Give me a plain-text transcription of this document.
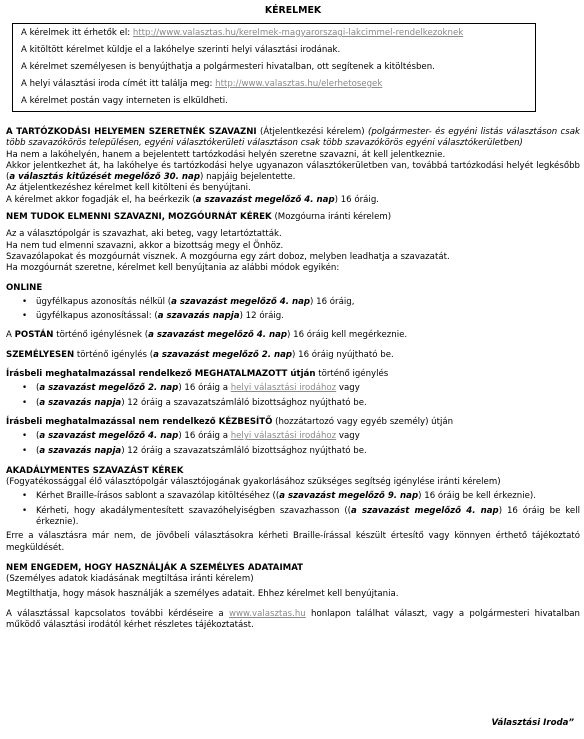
KÉRELMEK

A kérelmek itt érhetők el: http://www.valasztas.hu/kerelmek-magyarorszagi-lakcimmel-rendelkezoknek

A kitöltött kérelmet küldje el a lakóhelye szerinti helyi választási irodának.

A kérelmet személyesen is benyújthatja a polgármesteri hivatalban, ott segítenek a kitöltésben.

A helyi választási iroda címét itt találja meg: http://www.valasztas.hu/elerhetosegek

A kérelmet postán vagy interneten is elküldheti.

A TARTÓZKODÁSI HELYEMEN SZERETNÉK SZAVAZNI (Átjelentkezési kérelem) (polgármester- és egyéni listás választáson csak több szavazókörös településen, egyéni választókerületi választáson csak több szavazókörös egyéni választókerületben)

Ha nem a lakóhelyén, hanem a bejelentett tartózkodási helyén szeretne szavazni, át kell jelentkeznie.

Akkor jelentkezhet át, ha lakóhelye és tartózkodási helye ugyanazon választókerületben van, továbbá tartózkodási helyét legkésőbb (a választás kitűzését megelőző 30. nap) napjáig bejelentette.

Az átjelentkezéshez kérelmet kell kitölteni és benyújtani.

A kérelmet akkor fogadják el, ha beérkezik (a szavazást megelőző 4. nap) 16 óráig.

NEM TUDOK ELMENNI SZAVAZNI, MOZGÓURNÁT KÉREK (Mozgóurna iránti kérelem)

Az a választópolgár is szavazhat, aki beteg, vagy letartóztatták.

Ha nem tud elmenni szavazni, akkor a bizottság megy el Önhöz.

Szavazólapokat és mozgóurnát visznek. A mozgóurna egy zárt doboz, melyben leadhatja a szavazatát.

Ha mozgóurnát szeretne, kérelmet kell benyújtania az alábbi módok egyikén:

ONLINE

• ügyfélkapus azonosítás nélkül (a szavazást megelőző 4. nap) 16 óráig,
• ügyfélkapus azonosítással: (a szavazás napja) 12 óráig.

A POSTÁN történő igénylésnek (a szavazást megelőző 4. nap) 16 óráig kell megérkeznie.

SZEMÉLYESEN történő igénylés (a szavazást megelőző 2. nap) 16 óráig nyújtható be.

Írásbeli meghatalmazással rendelkező MEGHATALMAZOTT útján történő igénylés

• (a szavazást megelőző 2. nap) 16 óráig a helyi választási irodához vagy
• (a szavazás napja) 12 óráig a szavazatszámláló bizottsághoz nyújtható be.

Írásbeli meghatalmazással nem rendelkező KÉZBESÍTŐ (hozzátartozó vagy egyéb személy) útján

• (a szavazást megelőző 4. nap) 16 óráig a helyi választási irodához vagy
• (a szavazás napja) 12 óráig a szavazatszámláló bizottsághoz nyújtható be.

AKADÁLYMENTES SZAVAZÁST KÉREK

(Fogyatékossággal élő választópolgár választójogának gyakorlásához szükséges segítség igénylése iránti kérelem)

• Kérhet Braille-írásos sablont a szavazólap kitöltéséhez ((a szavazást megelőző 9. nap) 16 óráig be kell érkeznie).
• Kérheti, hogy akadálymentesített szavazóhelyiségben szavazhasson ((a szavazást megelőző 4. nap) 16 óráig be kell érkeznie).

Erre a választásra már nem, de jövőbeli választásokra kérheti Braille-írással készült értesítő vagy könnyen érthető tájékoztató megküldését.

NEM ENGEDEM, HOGY HASZNÁLJÁK A SZEMÉLYES ADATAIMAT

(Személyes adatok kiadásának megtiltása iránti kérelem)

Megtilthatja, hogy mások használják a személyes adatait. Ehhez kérelmet kell benyújtania.

A választással kapcsolatos további kérdéseire a www.valasztas.hu honlapon találhat választ, vagy a polgármesteri hivatalban működő választási irodától kérhet részletes tájékoztatást.

Választási Iroda”
